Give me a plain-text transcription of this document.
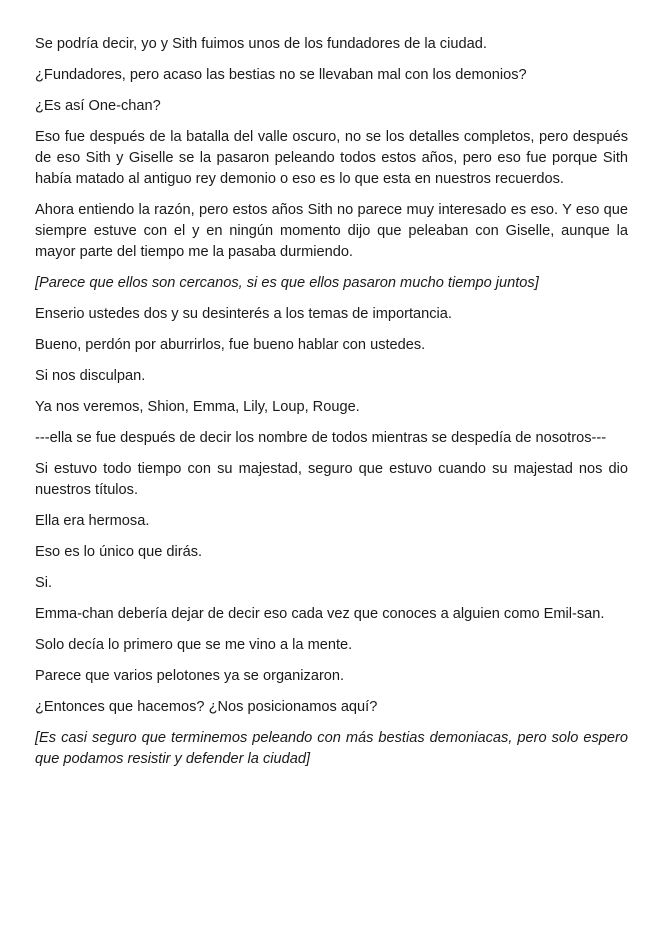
Se podría decir, yo y Sith fuimos unos de los fundadores de la ciudad.

¿Fundadores, pero acaso las bestias no se llevaban mal con los demonios?

¿Es así One-chan?

Eso fue después de la batalla del valle oscuro, no se los detalles completos, pero después de eso Sith y Giselle se la pasaron peleando todos estos años, pero eso fue porque Sith había matado al antiguo rey demonio o eso es lo que esta en nuestros recuerdos.

Ahora entiendo la razón, pero estos años Sith no parece muy interesado es eso. Y eso que siempre estuve con el y en ningún momento dijo que peleaban con Giselle, aunque la mayor parte del tiempo me la pasaba durmiendo.

[Parece que ellos son cercanos, si es que ellos pasaron mucho tiempo juntos]

Enserio ustedes dos y su desinterés a los temas de importancia.

Bueno, perdón por aburrirlos, fue bueno hablar con ustedes.

Si nos disculpan.

Ya nos veremos, Shion, Emma, Lily, Loup, Rouge.

---ella se fue después de decir los nombre de todos mientras se despedía de nosotros---

Si estuvo todo tiempo con su majestad, seguro que estuvo cuando su majestad nos dio nuestros títulos.

Ella era hermosa.

Eso es lo único que dirás.

Si.

Emma-chan debería dejar de decir eso cada vez que conoces a alguien como Emil-san.

Solo decía lo primero que se me vino a la mente.

Parece que varios pelotones ya se organizaron.

¿Entonces que hacemos? ¿Nos posicionamos aquí?

[Es casi seguro que terminemos peleando con más bestias demoniacas, pero solo espero que podamos resistir y defender la ciudad]
